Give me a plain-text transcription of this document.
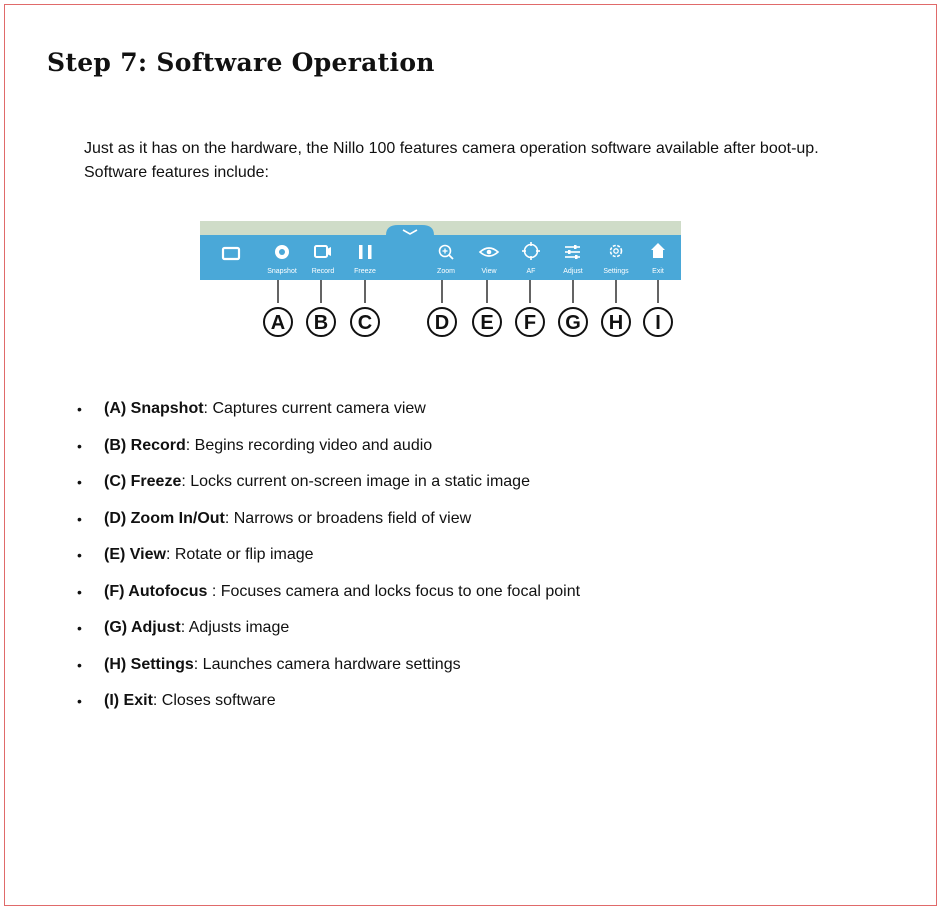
Step 7: Software Operation

Just as it has on the hardware, the Nillo 100 features camera operation software available after boot-up. Software features include:

Snapshot Record	Freeze	Zoom	View	AF	Adjust	Settings	Exit
A B C	D E F G H I
• (A) Snapshot: Captures current camera view
• (B) Record: Begins recording video and audio
• (C) Freeze: Locks current on-screen image in a static image
• (D) Zoom In/Out: Narrows or broadens field of view
• (E) View: Rotate or flip image
• (F) Autofocus : Focuses camera and locks focus to one focal point
• (G) Adjust: Adjusts image
• (H) Settings: Launches camera hardware settings
• (I) Exit: Closes software
